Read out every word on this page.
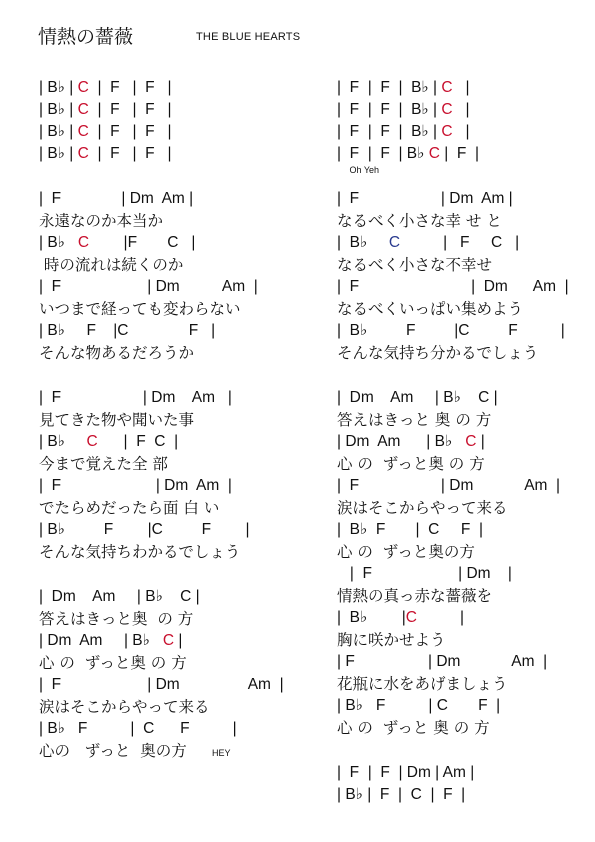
情熱の薔薇	THE BLUE HEARTS
| B♭ | C  |  F   |  F   |
| B♭ | C  |  F   |  F   |
| B♭ | C  |  F   |  F   |
| B♭ | C  |  F   |  F   |
|  F              | Dm  Am |
永遠なのか本当か
| B♭   C        |F       C   |
時の流れは続くのか
|  F                    | Dm          Am  |
いつまで経っても変わらない
| B♭     F    |C              F   |
そんな物あるだろうか
|  F                   | Dm    Am   |
見てきた物や聞いた事
| B♭     C      |  F  C  |
今まで覚えた全 部
|  F                      | Dm  Am  |
でたらめだったら面 白 い
| B♭         F        |C         F        |
そんな気持ちわかるでしょう
|  Dm    Am     | B♭    C |
答えはきっと奥  の 方
| Dm  Am     | B♭   C |
心 の  ずっと奥 の 方
|  F                    | Dm                Am  |
涙はそこからやって来る
| B♭   F          |  C      F          |
心の   ずっと  奥の方	HEY
|  F  |  F  |  B♭ | C   |
|  F  |  F  |  B♭ | C   |
|  F  |  F  |  B♭ | C   |
|  F  |  F  | B♭ C |  F  |
Oh Yeh
|  F                   | Dm  Am |
なるべく小さな幸 せ と
|  B♭     C          |   F     C   |
なるべく小さな不幸せ
|  F                          |  Dm      Am  |
なるべくいっぱい集めよう
|  B♭         F         |C         F          |
そんな気持ち分かるでしょう
|  Dm    Am     | B♭    C |
答えはきっと 奥 の 方
| Dm  Am      | B♭   C |
心 の  ずっと奥 の 方
|  F                   | Dm            Am  |
涙はそこからやって来る
|  B♭  F       |  C     F  |
心 の  ずっと奥の方
|  F                    | Dm    |
情熱の真っ赤な薔薇を
|  B♭        |C          |
胸に咲かせよう
| F                 | Dm            Am  |
花瓶に水をあげましょう
| B♭   F          | C       F  |
心 の  ずっと 奥 の 方
|  F  |  F  | Dm | Am |
| B♭ |  F  |  C  |  F  |
